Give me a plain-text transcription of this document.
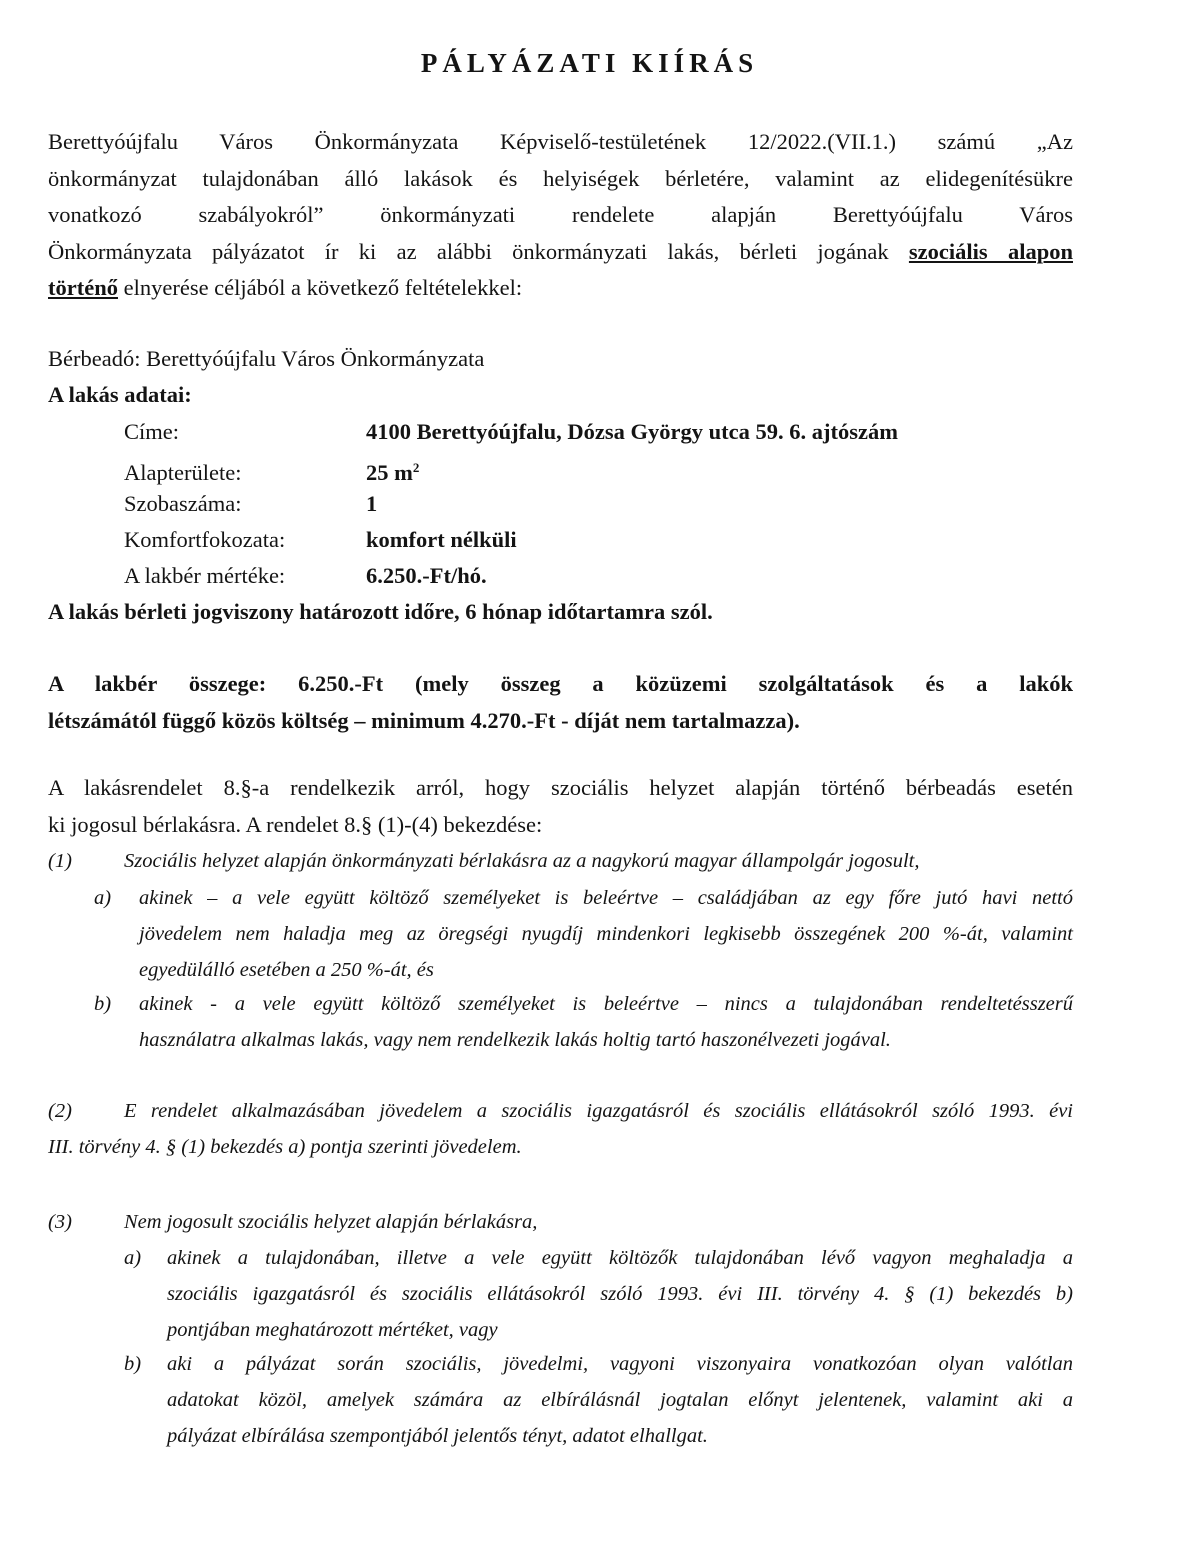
PÁLYÁZATI KIÍRÁS
Berettyóújfalu Város Önkormányzata Képviselő-testületének 12/2022.(VII.1.) számú „Az
önkormányzat tulajdonában álló lakások és helyiségek bérletére, valamint az elidegenítésükre
vonatkozó szabályokról” önkormányzati rendelete alapján Berettyóújfalu Város
Önkormányzata pályázatot ír ki az alábbi önkormányzati lakás, bérleti jogának szociális alapon
történő elnyerése céljából a következő feltételekkel:
Bérbeadó: Berettyóújfalu Város Önkormányzata
A lakás adatai:
Címe:	4100 Berettyóújfalu, Dózsa György utca 59. 6. ajtószám
Alapterülete:	25 $m^2$
Szobaszáma:	1
Komfortfokozata:	komfort nélküli
A lakbér mértéke:	6.250.-Ft/hó.
A lakás bérleti jogviszony határozott időre, 6 hónap időtartamra szól.
A lakbér összege: 6.250.-Ft (mely összeg a közüzemi szolgáltatások és a lakók
létszámától függő közös költség – minimum 4.270.-Ft - díját nem tartalmazza).
A lakásrendelet 8.§-a rendelkezik arról, hogy szociális helyzet alapján történő bérbeadás esetén
ki jogosul bérlakásra. A rendelet 8.§ (1)-(4) bekezdése:
(1)	Szociális helyzet alapján önkormányzati bérlakásra az a nagykorú magyar állampolgár jogosult,
a) akinek – a vele együtt költöző személyeket is beleértve – családjában az egy főre jutó havi nettó
jövedelem nem haladja meg az öregségi nyugdíj mindenkori legkisebb összegének 200 %-át, valamint
egyedülálló esetében a 250 %-át, és
b) akinek - a vele együtt költöző személyeket is beleértve – nincs a tulajdonában rendeltetésszerű
használatra alkalmas lakás, vagy nem rendelkezik lakás holtig tartó haszonélvezeti jogával.
(2)	E rendelet alkalmazásában jövedelem a szociális igazgatásról és szociális ellátásokról szóló 1993. évi
III. törvény 4. § (1) bekezdés a) pontja szerinti jövedelem.
(3)	Nem jogosult szociális helyzet alapján bérlakásra,
a) akinek a tulajdonában, illetve a vele együtt költözők tulajdonában lévő vagyon meghaladja a
szociális igazgatásról és szociális ellátásokról szóló 1993. évi III. törvény 4. § (1) bekezdés b)
pontjában meghatározott mértéket, vagy
b) aki a pályázat során szociális, jövedelmi, vagyoni viszonyaira vonatkozóan olyan valótlan
adatokat közöl, amelyek számára az elbírálásnál jogtalan előnyt jelentenek, valamint aki a
pályázat elbírálása szempontjából jelentős tényt, adatot elhallgat.
